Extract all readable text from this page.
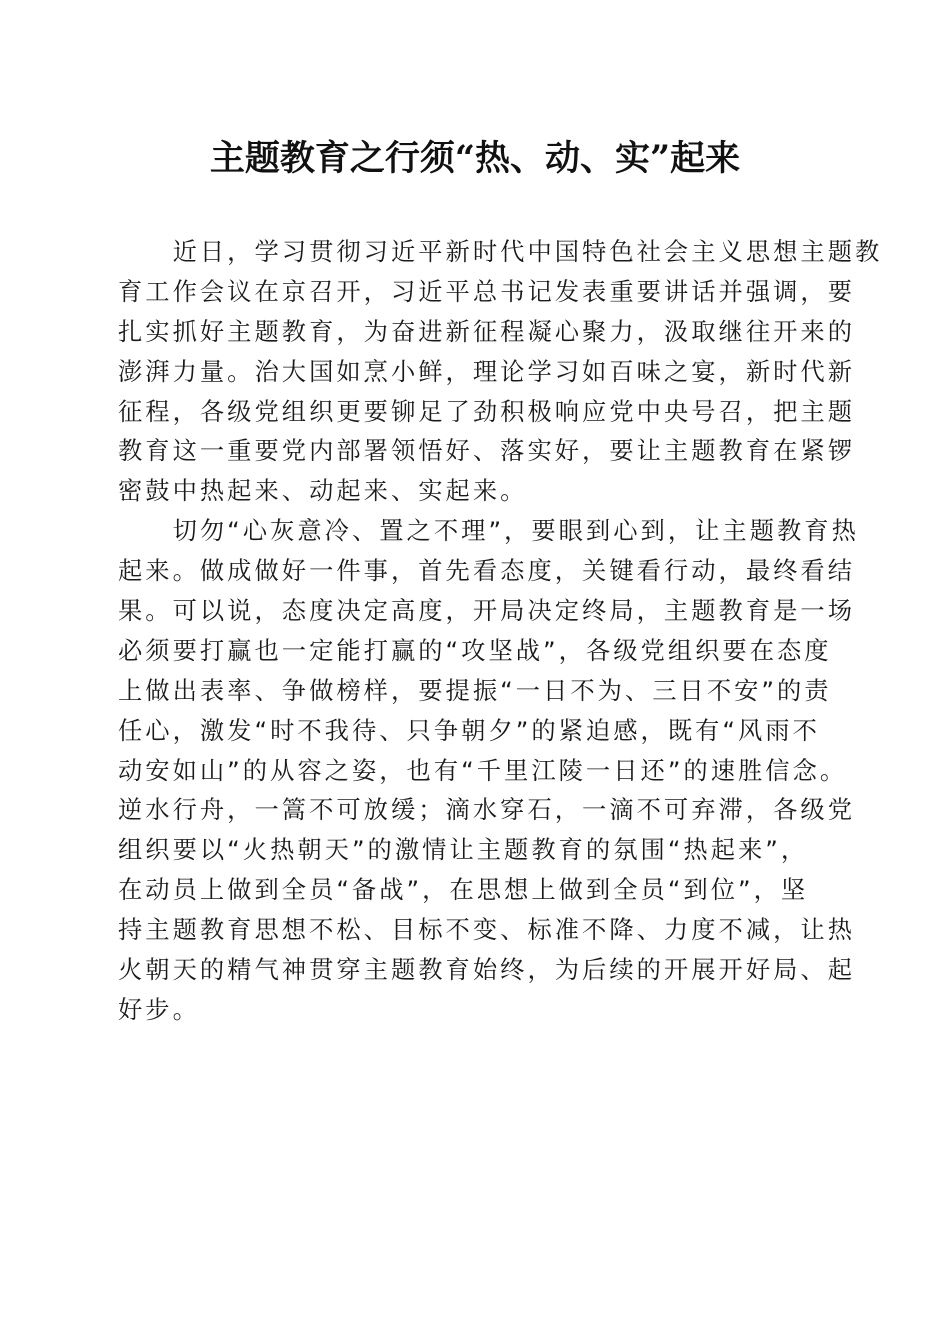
主题教育之行须“热、动、实”起来
　　近日，学习贯彻习近平新时代中国特色社会主义思想主题教
育工作会议在京召开，习近平总书记发表重要讲话并强调，要
扎实抓好主题教育，为奋进新征程凝心聚力，汲取继往开来的
澎湃力量。治大国如烹小鲜，理论学习如百味之宴，新时代新
征程，各级党组织更要铆足了劲积极响应党中央号召，把主题
教育这一重要党内部署领悟好、落实好，要让主题教育在紧锣
密鼓中热起来、动起来、实起来。
　　切勿“心灰意冷、置之不理”，要眼到心到，让主题教育热
起来。做成做好一件事，首先看态度，关键看行动，最终看结
果。可以说，态度决定高度，开局决定终局，主题教育是一场
必须要打赢也一定能打赢的“攻坚战”，各级党组织要在态度
上做出表率、争做榜样，要提振“一日不为、三日不安”的责
任心，激发“时不我待、只争朝夕”的紧迫感，既有“风雨不
动安如山”的从容之姿，也有“千里江陵一日还”的速胜信念。
逆水行舟，一篙不可放缓；滴水穿石，一滴不可弃滞，各级党
组织要以“火热朝天”的激情让主题教育的氛围“热起来”，
在动员上做到全员“备战”，在思想上做到全员“到位”，坚
持主题教育思想不松、目标不变、标准不降、力度不减，让热
火朝天的精气神贯穿主题教育始终，为后续的开展开好局、起
好步。
